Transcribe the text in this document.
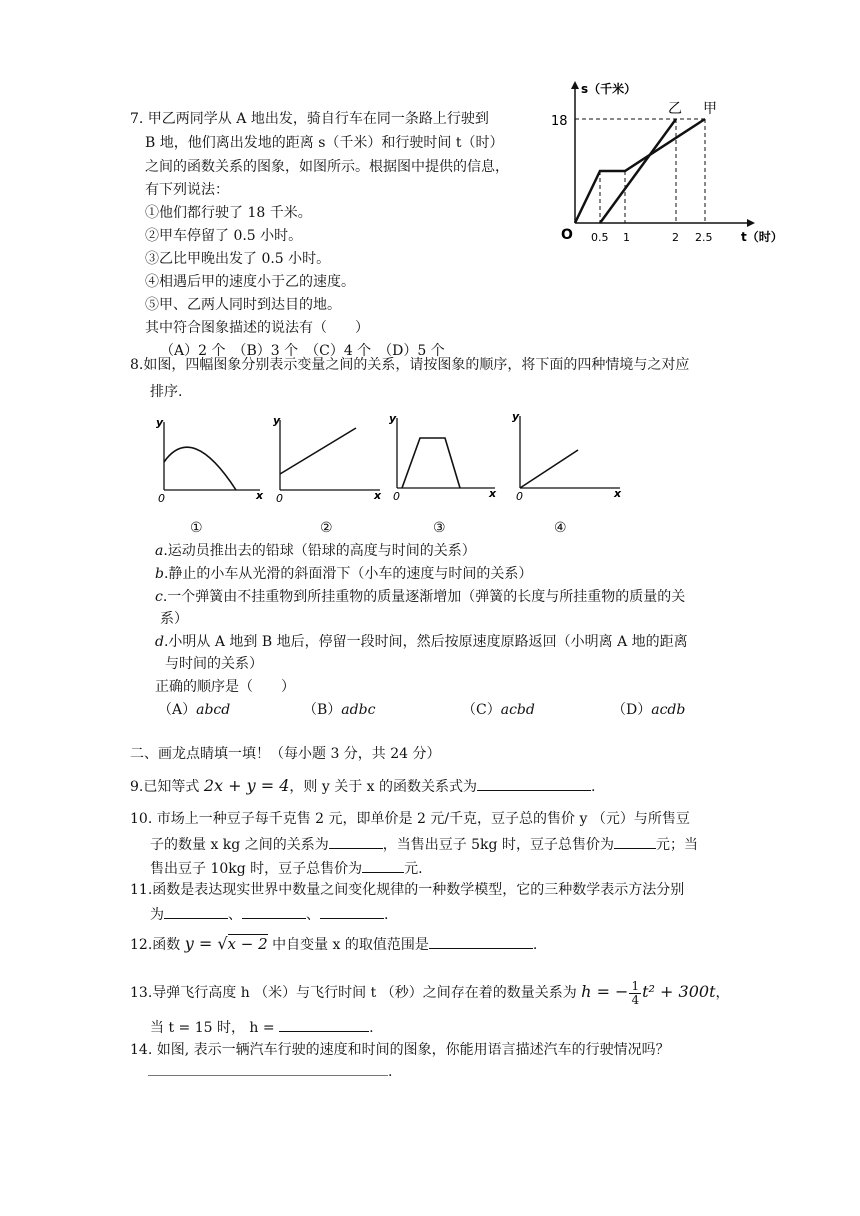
7. 甲乙两同学从 A 地出发，骑自行车在同一条路上行驶到
B 地，他们离出发地的距离 s（千米）和行驶时间 t（时）
之间的函数关系的图象，如图所示。根据图中提供的信息，
有下列说法：
①他们都行驶了 18 千米。
②甲车停留了 0.5 小时。
③乙比甲晚出发了 0.5 小时。
④相遇后甲的速度小于乙的速度。
⑤甲、乙两人同时到达目的地。
其中符合图象描述的说法有（　　）
（A）2 个　（B）3 个　（C）4 个　（D）5 个
s（千米）
t（时）
O
18
0.5 1	2 2.5
乙 甲
8.如图，四幅图象分别表示变量之间的关系，请按图象的顺序，将下面的四种情境与之对应
排序.
y
x
0
y
x
0
y
x
0
y
x
0
①	②	③	④
a.运动员推出去的铅球（铅球的高度与时间的关系）
b.静止的小车从光滑的斜面滑下（小车的速度与时间的关系）
c.一个弹簧由不挂重物到所挂重物的质量逐渐增加（弹簧的长度与所挂重物的质量的关
系）
d.小明从 A 地到 B 地后，停留一段时间，然后按原速度原路返回（小明离 A 地的距离
与时间的关系）
正确的顺序是（　　）
（A）abcd	（B）adbc	（C）acbd	（D）acdb
二、画龙点睛填一填！（每小题 3 分，共 24 分）
9.已知等式 2x + y = 4，则 y 关于 x 的函数关系式为	.
10. 市场上一种豆子每千克售 2 元，即单价是 2 元/千克，豆子总的售价 y （元）与所售豆
子的数量 x kg 之间的关系为	，当售出豆子 5kg 时，豆子总售价为	元；当
售出豆子 10kg 时，豆子总售价为	元.
11.函数是表达现实世界中数量之间变化规律的一种数学模型，它的三种数学表示方法分别
为	、	、	.
12.函数 y = √x − 2 中自变量 x 的取值范围是	.
13.导弹飞行高度 h （米）与飞行时间 t （秒）之间存在着的数量关系为 h = − $\frac{1}{4} t^2 + 300t$，
当 t = 15 时， h =	.
14. 如图, 表示一辆汽车行驶的速度和时间的图象，你能用语言描述汽车的行驶情况吗？
.
